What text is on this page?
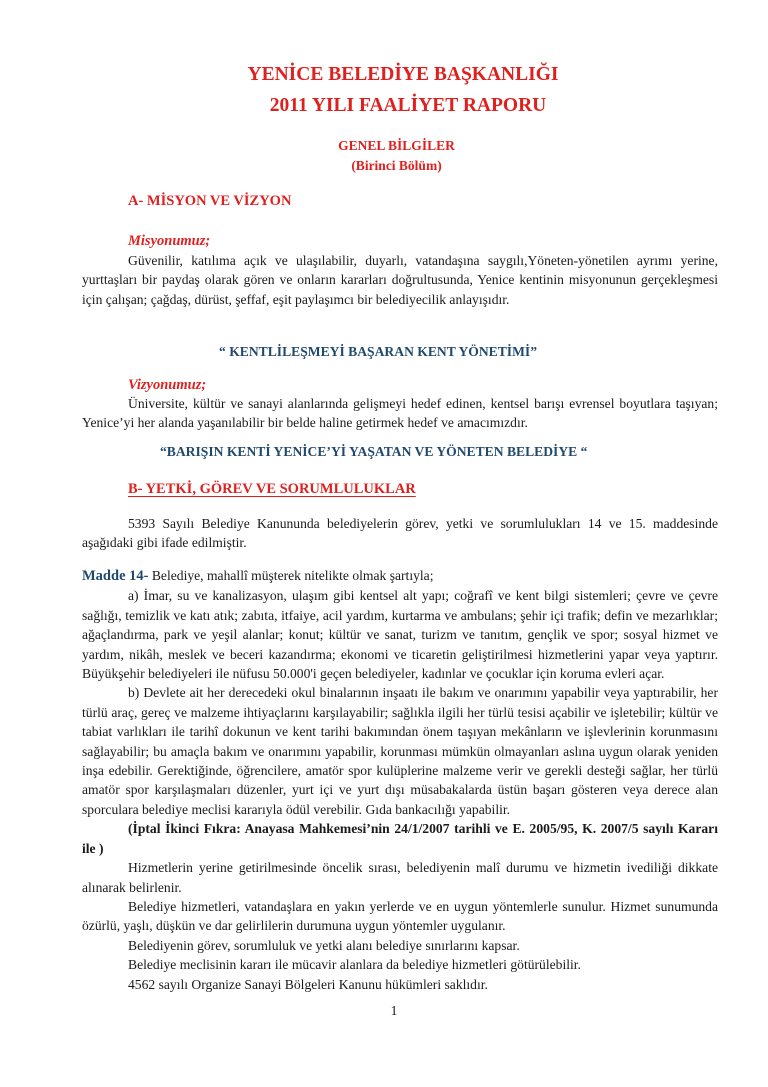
YENİCE BELEDİYE BAŞKANLIĞI
2011 YILI FAALİYET RAPORU
GENEL BİLGİLER
(Birinci Bölüm)
A- MİSYON VE VİZYON
Misyonumuz;

Güvenilir, katılıma açık ve ulaşılabilir, duyarlı, vatandaşına saygılı,Yöneten-yönetilen ayrımı yerine, yurttaşları bir paydaş olarak gören ve onların kararları doğrultusunda, Yenice kentinin misyonunun gerçekleşmesi için çalışan; çağdaş, dürüst, şeffaf, eşit paylaşımcı bir belediyecilik anlayışıdır.

“ KENTLİLEŞMEYİ BAŞARAN KENT YÖNETİMİ”
Vizyonumuz;

Üniversite, kültür ve sanayi alanlarında gelişmeyi hedef edinen, kentsel barışı evrensel boyutlara taşıyan; Yenice’yi her alanda yaşanılabilir bir belde haline getirmek hedef ve amacımızdır.

“BARIŞIN KENTİ YENİCE’Yİ YAŞATAN VE YÖNETEN BELEDİYE “
B- YETKİ, GÖREV VE SORUMLULUKLAR

5393 Sayılı Belediye Kanununda belediyelerin görev, yetki ve sorumlulukları 14 ve 15. maddesinde aşağıdaki gibi ifade edilmiştir.

Madde 14- Belediye, mahallî müşterek nitelikte olmak şartıyla;

a) İmar, su ve kanalizasyon, ulaşım gibi kentsel alt yapı; coğrafî ve kent bilgi sistemleri; çevre ve çevre sağlığı, temizlik ve katı atık; zabıta, itfaiye, acil yardım, kurtarma ve ambulans; şehir içi trafik; defin ve mezarlıklar; ağaçlandırma, park ve yeşil alanlar; konut; kültür ve sanat, turizm ve tanıtım, gençlik ve spor; sosyal hizmet ve yardım, nikâh, meslek ve beceri kazandırma; ekonomi ve ticaretin geliştirilmesi hizmetlerini yapar veya yaptırır. Büyükşehir belediyeleri ile nüfusu 50.000'i geçen belediyeler, kadınlar ve çocuklar için koruma evleri açar.

b) Devlete ait her derecedeki okul binalarının inşaatı ile bakım ve onarımını yapabilir veya yaptırabilir, her türlü araç, gereç ve malzeme ihtiyaçlarını karşılayabilir; sağlıkla ilgili her türlü tesisi açabilir ve işletebilir; kültür ve tabiat varlıkları ile tarihî dokunun ve kent tarihi bakımından önem taşıyan mekânların ve işlevlerinin korunmasını sağlayabilir; bu amaçla bakım ve onarımını yapabilir, korunması mümkün olmayanları aslına uygun olarak yeniden inşa edebilir. Gerektiğinde, öğrencilere, amatör spor kulüplerine malzeme verir ve gerekli desteği sağlar, her türlü amatör spor karşılaşmaları düzenler, yurt içi ve yurt dışı müsabakalarda üstün başarı gösteren veya derece alan sporculara belediye meclisi kararıyla ödül verebilir. Gıda bankacılığı yapabilir.

(İptal İkinci Fıkra: Anayasa Mahkemesi’nin 24/1/2007 tarihli ve E. 2005/95, K. 2007/5 sayılı Kararı ile )

Hizmetlerin yerine getirilmesinde öncelik sırası, belediyenin malî durumu ve hizmetin ivediliği dikkate alınarak belirlenir.

Belediye hizmetleri, vatandaşlara en yakın yerlerde ve en uygun yöntemlerle sunulur. Hizmet sunumunda özürlü, yaşlı, düşkün ve dar gelirlilerin durumuna uygun yöntemler uygulanır.

Belediyenin görev, sorumluluk ve yetki alanı belediye sınırlarını kapsar.

Belediye meclisinin kararı ile mücavir alanlara da belediye hizmetleri götürülebilir.

4562 sayılı Organize Sanayi Bölgeleri Kanunu hükümleri saklıdır.

1
